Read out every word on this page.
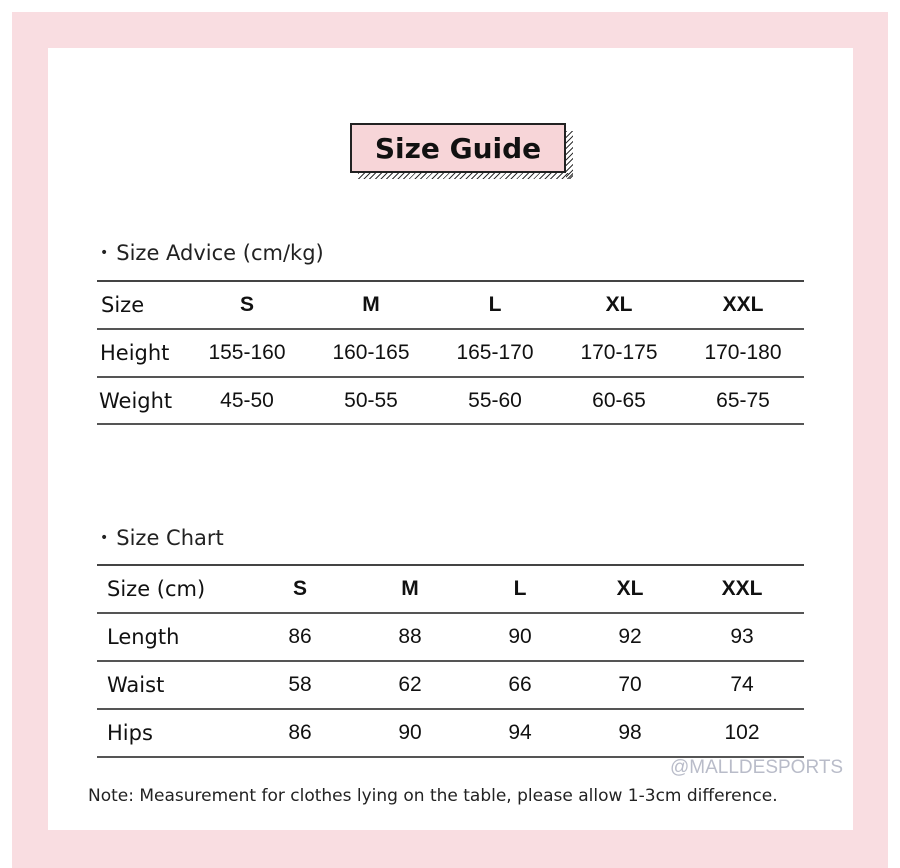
Size Guide
• Size Advice (cm/kg)
Size	S	M	L	XL	XXL
Height	155-160	160-165	165-170	170-175	170-180
Weight	45-50	50-55	55-60	60-65	65-75
• Size Chart
Size (cm)	S	M	L	XL	XXL
Length	86	88	90	92	93
Waist	58	62	66	70	74
Hips	86	90	94	98	102
@MALLDESPORTS
Note: Measurement for clothes lying on the table, please allow 1-3cm difference.
